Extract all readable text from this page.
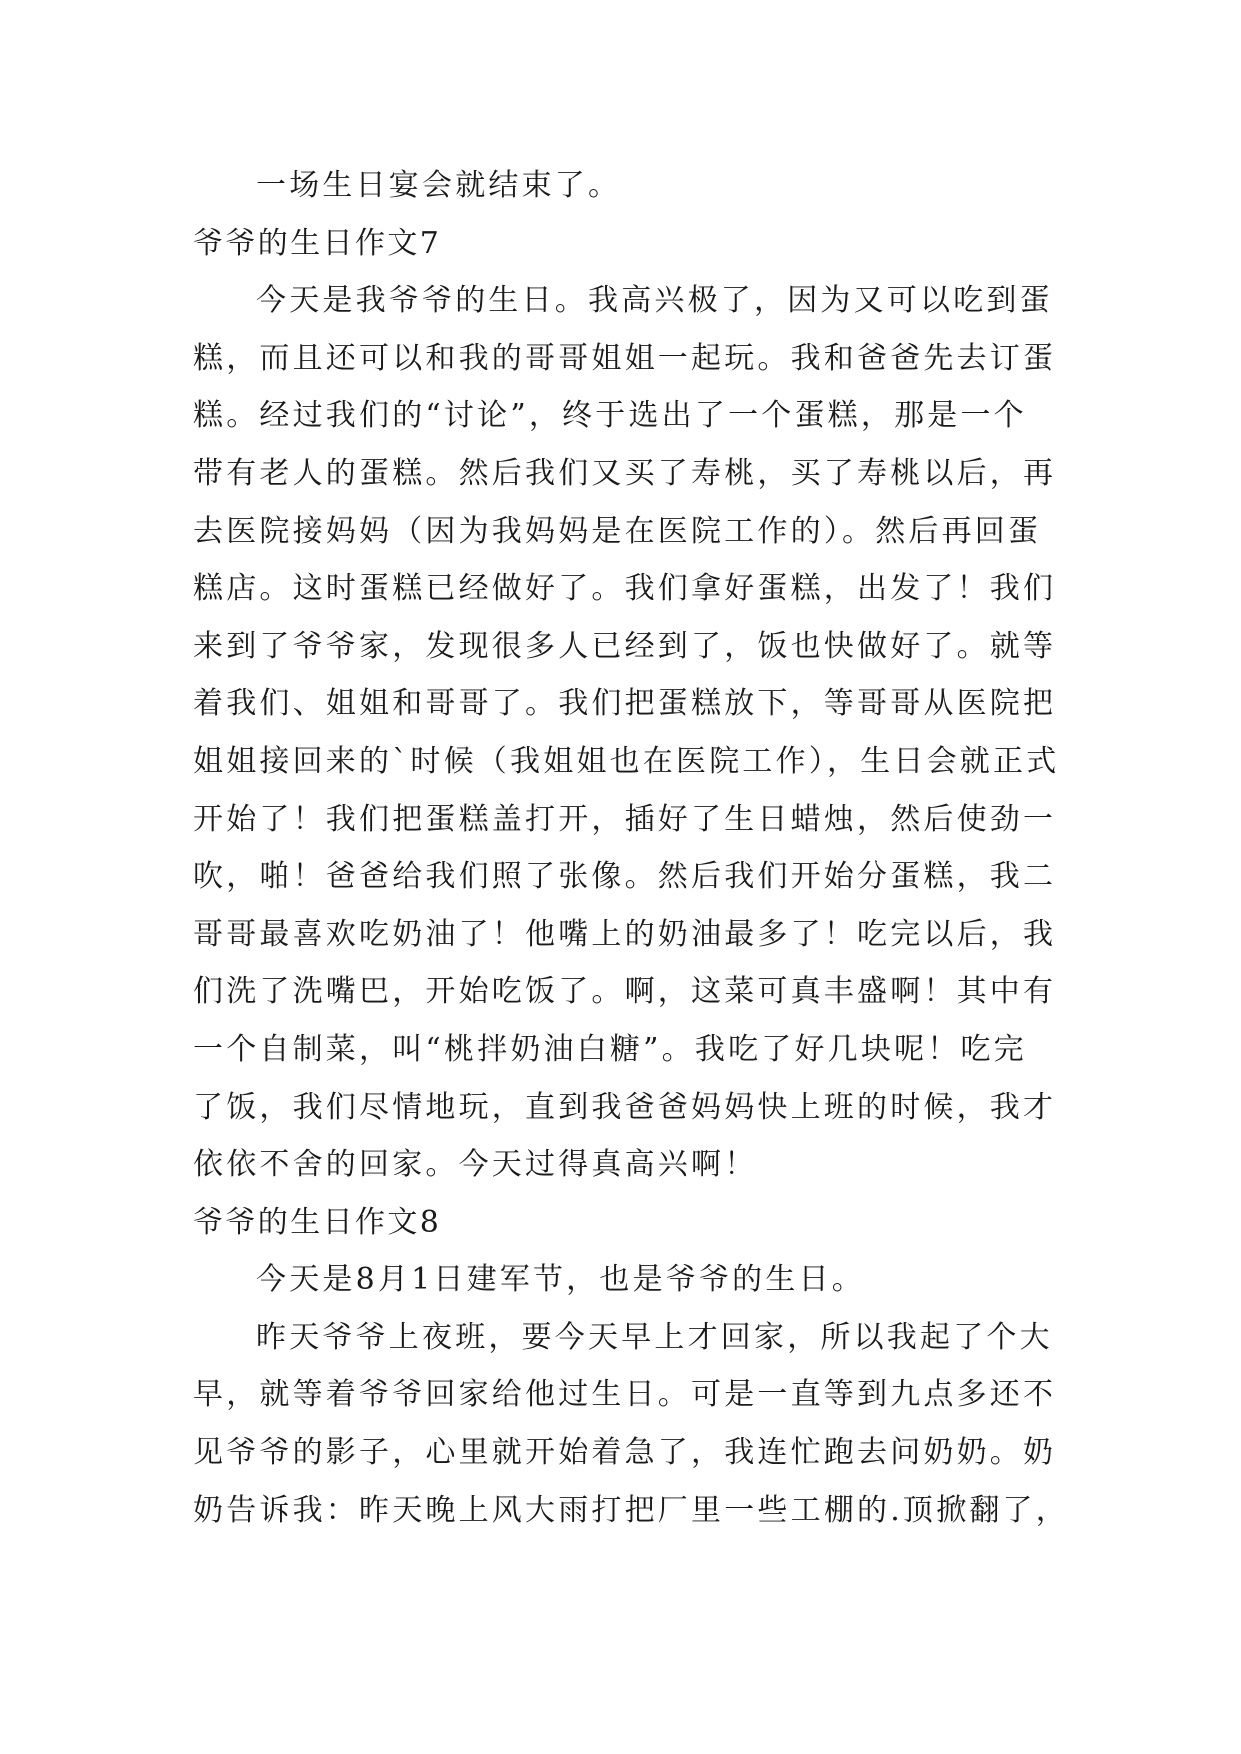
一场生日宴会就结束了。
爷爷的生日作文7
今天是我爷爷的生日。我高兴极了，因为又可以吃到蛋
糕，而且还可以和我的哥哥姐姐一起玩。我和爸爸先去订蛋
糕。经过我们的“讨论”，终于选出了一个蛋糕，那是一个
带有老人的蛋糕。然后我们又买了寿桃，买了寿桃以后，再
去医院接妈妈（因为我妈妈是在医院工作的）。然后再回蛋
糕店。这时蛋糕已经做好了。我们拿好蛋糕，出发了！我们
来到了爷爷家，发现很多人已经到了，饭也快做好了。就等
着我们、姐姐和哥哥了。我们把蛋糕放下，等哥哥从医院把
姐姐接回来的`时候（我姐姐也在医院工作），生日会就正式
开始了！我们把蛋糕盖打开，插好了生日蜡烛，然后使劲一
吹，啪！爸爸给我们照了张像。然后我们开始分蛋糕，我二
哥哥最喜欢吃奶油了！他嘴上的奶油最多了！吃完以后，我
们洗了洗嘴巴，开始吃饭了。啊，这菜可真丰盛啊！其中有
一个自制菜，叫“桃拌奶油白糖”。我吃了好几块呢！吃完
了饭，我们尽情地玩，直到我爸爸妈妈快上班的时候，我才
依依不舍的回家。今天过得真高兴啊！
爷爷的生日作文8
今天是8月1日建军节，也是爷爷的生日。
昨天爷爷上夜班，要今天早上才回家，所以我起了个大
早，就等着爷爷回家给他过生日。可是一直等到九点多还不
见爷爷的影子，心里就开始着急了，我连忙跑去问奶奶。奶
奶告诉我：昨天晚上风大雨打把厂里一些工棚的.顶掀翻了，
